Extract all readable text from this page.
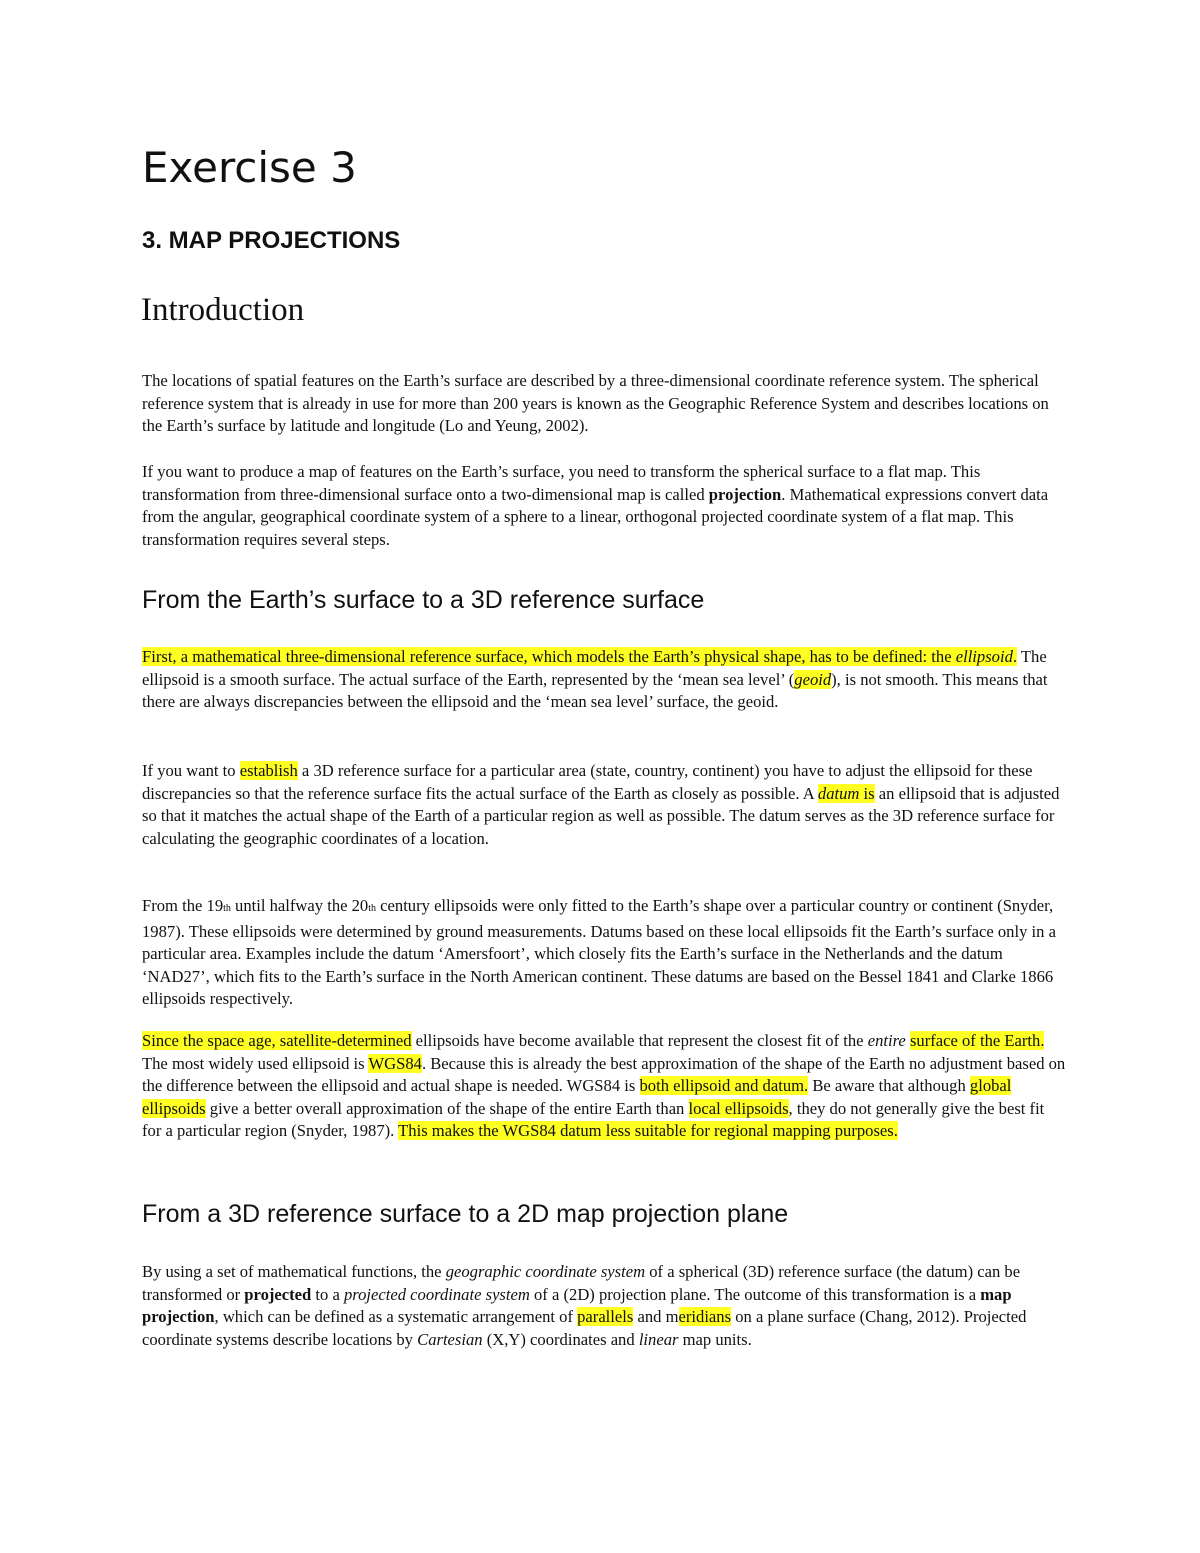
Exercise 3
3. MAP PROJECTIONS
Introduction

The locations of spatial features on the Earth’s surface are described by a three-dimensional coordinate reference system. The spherical reference system that is already in use for more than 200 years is known as the Geographic Reference System and describes locations on the Earth’s surface by latitude and longitude (Lo and Yeung, 2002).

If you want to produce a map of features on the Earth’s surface, you need to transform the spherical surface to a flat map. This transformation from three-dimensional surface onto a two-dimensional map is called projection. Mathematical expressions convert data from the angular, geographical coordinate system of a sphere to a linear, orthogonal projected coordinate system of a flat map. This transformation requires several steps.

From the Earth’s surface to a 3D reference surface

First, a mathematical three-dimensional reference surface, which models the Earth’s physical shape, has to be defined: the ellipsoid. The ellipsoid is a smooth surface. The actual surface of the Earth, represented by the ‘mean sea level’ (geoid), is not smooth. This means that there are always discrepancies between the ellipsoid and the ‘mean sea level’ surface, the geoid.

If you want to establish a 3D reference surface for a particular area (state, country, continent) you have to adjust the ellipsoid for these discrepancies so that the reference surface fits the actual surface of the Earth as closely as possible. A datum is an ellipsoid that is adjusted so that it matches the actual shape of the Earth of a particular region as well as possible. The datum serves as the 3D reference surface for calculating the geographic coordinates of a location.

From the 19th until halfway the 20th century ellipsoids were only fitted to the Earth’s shape over a particular country or continent (Snyder, 1987). These ellipsoids were determined by ground measurements. Datums based on these local ellipsoids fit the Earth’s surface only in a particular area. Examples include the datum ‘Amersfoort’, which closely fits the Earth’s surface in the Netherlands and the datum ‘NAD27’, which fits to the Earth’s surface in the North American continent. These datums are based on the Bessel 1841 and Clarke 1866 ellipsoids respectively.

Since the space age, satellite-determined ellipsoids have become available that represent the closest fit of the entire surface of the Earth. The most widely used ellipsoid is WGS84. Because this is already the best approximation of the shape of the Earth no adjustment based on the difference between the ellipsoid and actual shape is needed. WGS84 is both ellipsoid and datum. Be aware that although global ellipsoids give a better overall approximation of the shape of the entire Earth than local ellipsoids, they do not generally give the best fit for a particular region (Snyder, 1987). This makes the WGS84 datum less suitable for regional mapping purposes.

From a 3D reference surface to a 2D map projection plane

By using a set of mathematical functions, the geographic coordinate system of a spherical (3D) reference surface (the datum) can be transformed or projected to a projected coordinate system of a (2D) projection plane. The outcome of this transformation is a map projection, which can be defined as a systematic arrangement of parallels and meridians on a plane surface (Chang, 2012). Projected coordinate systems describe locations by Cartesian (X,Y) coordinates and linear map units.
